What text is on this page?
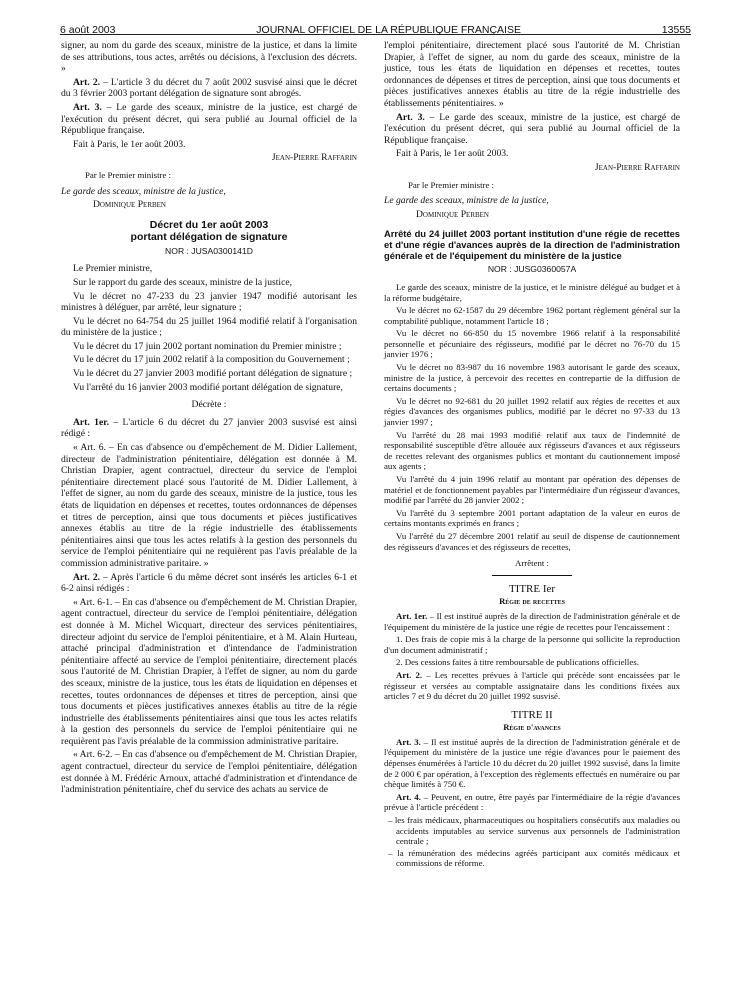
6 août 2003	JOURNAL OFFICIEL DE LA RÉPUBLIQUE FRANÇAISE	13555

signer, au nom du garde des sceaux, ministre de la justice, et dans la limite de ses attributions, tous actes, arrêtés ou décisions, à l'exclusion des décrets. »

Art. 2. – L'article 3 du décret du 7 août 2002 susvisé ainsi que le décret du 3 février 2003 portant délégation de signature sont abrogés.

Art. 3. – Le garde des sceaux, ministre de la justice, est chargé de l'exécution du présent décret, qui sera publié au Journal officiel de la République française.

Fait à Paris, le 1er août 2003.

Jean-Pierre Raffarin

Par le Premier ministre :

Le garde des sceaux, ministre de la justice,

Dominique Perben

Décret du 1er août 2003
portant délégation de signature
NOR : JUSA0300141D

Le Premier ministre,

Sur le rapport du garde des sceaux, ministre de la justice,

Vu le décret no 47-233 du 23 janvier 1947 modifié autorisant les ministres à déléguer, par arrêté, leur signature ;

Vu le décret no 64-754 du 25 juillet 1964 modifié relatif à l'organisation du ministère de la justice ;

Vu le décret du 17 juin 2002 portant nomination du Premier ministre ;

Vu le décret du 17 juin 2002 relatif à la composition du Gouvernement ;

Vu le décret du 27 janvier 2003 modifié portant délégation de signature ;

Vu l'arrêté du 16 janvier 2003 modifié portant délégation de signature,

Décrète :

Art. 1er. – L'article 6 du décret du 27 janvier 2003 susvisé est ainsi rédigé :

« Art. 6. – En cas d'absence ou d'empêchement de M. Didier Lallement, directeur de l'administration pénitentiaire, délégation est donnée à M. Christian Drapier, agent contractuel, directeur du service de l'emploi pénitentiaire directement placé sous l'autorité de M. Didier Lallement, à l'effet de signer, au nom du garde des sceaux, ministre de la justice, tous les états de liquidation en dépenses et recettes, toutes ordonnances de dépenses et titres de perception, ainsi que tous documents et pièces justificatives annexes établis au titre de la régie industrielle des établissements pénitentiaires ainsi que tous les actes relatifs à la gestion des personnels du service de l'emploi pénitentiaire qui ne requièrent pas l'avis préalable de la commission administrative paritaire. »

Art. 2. – Après l'article 6 du même décret sont insérés les articles 6-1 et 6-2 ainsi rédigés :

« Art. 6-1. – En cas d'absence ou d'empêchement de M. Christian Drapier, agent contractuel, directeur du service de l'emploi pénitentiaire, délégation est donnée à M. Michel Wicquart, directeur des services pénitentiaires, directeur adjoint du service de l'emploi pénitentiaire, et à M. Alain Hurteau, attaché principal d'administration et d'intendance de l'administration pénitentiaire affecté au service de l'emploi pénitentiaire, directement placés sous l'autorité de M. Christian Drapier, à l'effet de signer, au nom du garde des sceaux, ministre de la justice, tous les états de liquidation en dépenses et recettes, toutes ordonnances de dépenses et titres de perception, ainsi que tous documents et pièces justificatives annexes établis au titre de la régie industrielle des établissements pénitentiaires ainsi que tous les actes relatifs à la gestion des personnels du service de l'emploi pénitentiaire qui ne requièrent pas l'avis préalable de la commission administrative paritaire.

« Art. 6-2. – En cas d'absence ou d'empêchement de M. Christian Drapier, agent contractuel, directeur du service de l'emploi pénitentiaire, délégation est donnée à M. Frédéric Arnoux, attaché d'administration et d'intendance de l'administration pénitentiaire, chef du service des achats au service de

l'emploi pénitentiaire, directement placé sous l'autorité de M. Christian Drapier, à l'effet de signer, au nom du garde des sceaux, ministre de la justice, tous les états de liquidation en dépenses et recettes, toutes ordonnances de dépenses et titres de perception, ainsi que tous documents et pièces justificatives annexes établis au titre de la régie industrielle des établissements pénitentiaires. »

Art. 3. – Le garde des sceaux, ministre de la justice, est chargé de l'exécution du présent décret, qui sera publié au Journal officiel de la République française.

Fait à Paris, le 1er août 2003.

Jean-Pierre Raffarin

Par le Premier ministre :

Le garde des sceaux, ministre de la justice,

Dominique Perben

Arrêté du 24 juillet 2003 portant institution d'une régie de recettes et d'une régie d'avances auprès de la direction de l'administration générale et de l'équipement du ministère de la justice
NOR : JUSG0360057A

Le garde des sceaux, ministre de la justice, et le ministre délégué au budget et à la réforme budgétaire,

Vu le décret no 62-1587 du 29 décembre 1962 portant règlement général sur la comptabilité publique, notamment l'article 18 ;

Vu le décret no 66-850 du 15 novembre 1966 relatif à la responsabilité personnelle et pécuniaire des régisseurs, modifié par le décret no 76-70 du 15 janvier 1976 ;

Vu le décret no 83-987 du 16 novembre 1983 autorisant le garde des sceaux, ministre de la justice, à percevoir des recettes en contrepartie de la diffusion de certains documents ;

Vu le décret no 92-681 du 20 juillet 1992 relatif aux régies de recettes et aux régies d'avances des organismes publics, modifié par le décret no 97-33 du 13 janvier 1997 ;

Vu l'arrêté du 28 mai 1993 modifié relatif aux taux de l'indemnité de responsabilité susceptible d'être allouée aux régisseurs d'avances et aux régisseurs de recettes relevant des organismes publics et montant du cautionnement imposé aux agents ;

Vu l'arrêté du 4 juin 1996 relatif au montant par opération des dépenses de matériel et de fonctionnement payables par l'intermédiaire d'un régisseur d'avances, modifié par l'arrêté du 28 janvier 2002 ;

Vu l'arrêté du 3 septembre 2001 portant adaptation de la valeur en euros de certains montants exprimés en francs ;

Vu l'arrêté du 27 décembre 2001 relatif au seuil de dispense de cautionnement des régisseurs d'avances et des régisseurs de recettes,

Arrêtent :

TITRE Ier

Régie de recettes

Art. 1er. – Il est institué auprès de la direction de l'administration générale et de l'équipement du ministère de la justice une régie de recettes pour l'encaissement :

1. Des frais de copie mis à la charge de la personne qui sollicite la reproduction d'un document administratif ;

2. Des cessions faites à titre remboursable de publications officielles.

Art. 2. – Les recettes prévues à l'article qui précède sont encaissées par le régisseur et versées au comptable assignataire dans les conditions fixées aux articles 7 et 9 du décret du 20 juillet 1992 susvisé.

TITRE II

Régie d'avances

Art. 3. – Il est institué auprès de la direction de l'administration générale et de l'équipement du ministère de la justice une régie d'avances pour le paiement des dépenses énumérées à l'article 10 du décret du 20 juillet 1992 susvisé, dans la limite de 2 000 € par opération, à l'exception des règlements effectués en numéraire ou par chèque limités à 750 €.

Art. 4. – Peuvent, en outre, être payés par l'intermédiaire de la régie d'avances prévue à l'article précédent :

– les frais médicaux, pharmaceutiques ou hospitaliers consécutifs aux maladies ou accidents imputables au service survenus aux personnels de l'administration centrale ;
– la rémunération des médecins agréés participant aux comités médicaux et commissions de réforme.
